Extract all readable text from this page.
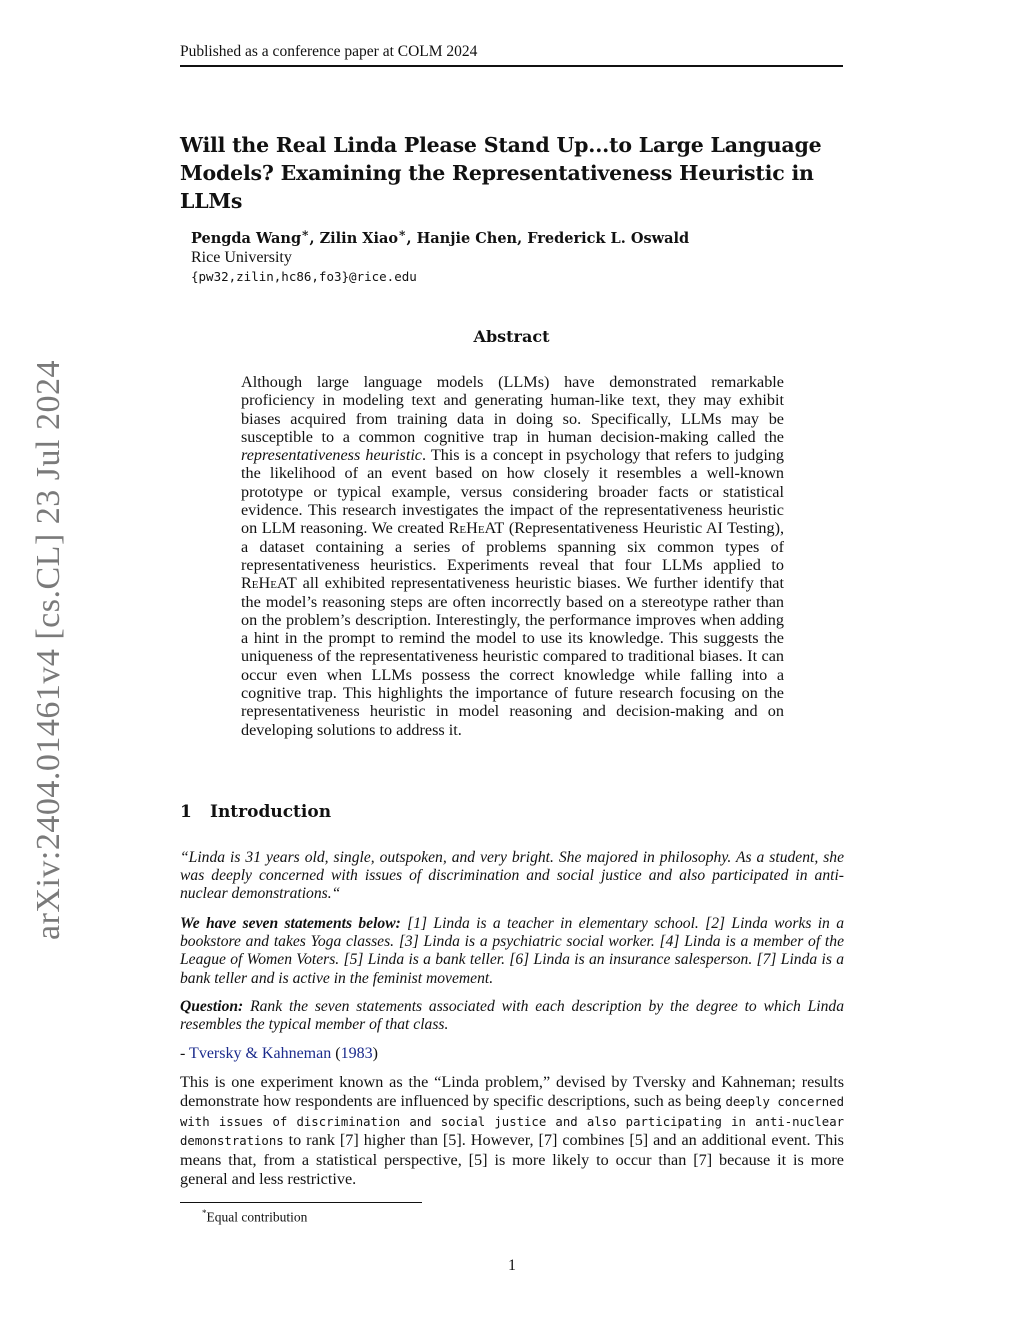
Published as a conference paper at COLM 2024
Will the Real Linda Please Stand Up...to Large Language Models? Examining the Representativeness Heuristic in LLMs
Pengda Wang∗, Zilin Xiao∗, Hanjie Chen, Frederick L. Oswald
Rice University
{pw32,zilin,hc86,fo3}@rice.edu
arXiv:2404.01461v4 [cs.CL] 23 Jul 2024
Abstract

Although large language models (LLMs) have demonstrated remarkable proficiency in modeling text and generating human-like text, they may exhibit biases acquired from training data in doing so. Specifically, LLMs may be susceptible to a common cognitive trap in human decision-making called the representativeness heuristic. This is a concept in psychology that refers to judging the likelihood of an event based on how closely it resembles a well-known prototype or typical example, versus considering broader facts or statistical evidence. This research investigates the impact of the representativeness heuristic on LLM reasoning. We created ReHeAT (Representativeness Heuristic AI Testing), a dataset containing a series of problems spanning six common types of representativeness heuristics. Experiments reveal that four LLMs applied to ReHeAT all exhibited representativeness heuristic biases. We further identify that the model’s reasoning steps are often incorrectly based on a stereotype rather than on the problem’s description. Interestingly, the performance improves when adding a hint in the prompt to remind the model to use its knowledge. This suggests the uniqueness of the representativeness heuristic compared to traditional biases. It can occur even when LLMs possess the correct knowledge while falling into a cognitive trap. This highlights the importance of future research focusing on the representativeness heuristic in model reasoning and decision-making and on developing solutions to address it.

1 Introduction

“Linda is 31 years old, single, outspoken, and very bright. She majored in philosophy. As a student, she was deeply concerned with issues of discrimination and social justice and also participated in anti-nuclear demonstrations.“

We have seven statements below: [1] Linda is a teacher in elementary school. [2] Linda works in a bookstore and takes Yoga classes. [3] Linda is a psychiatric social worker. [4] Linda is a member of the League of Women Voters. [5] Linda is a bank teller. [6] Linda is an insurance salesperson. [7] Linda is a bank teller and is active in the feminist movement.

Question: Rank the seven statements associated with each description by the degree to which Linda resembles the typical member of that class.

- Tversky & Kahneman (1983)

This is one experiment known as the “Linda problem,” devised by Tversky and Kahneman; results demonstrate how respondents are influenced by specific descriptions, such as being deeply concerned with issues of discrimination and social justice and also participating in anti-nuclear demonstrations to rank [7] higher than [5]. However, [7] combines [5] and an additional event. This means that, from a statistical perspective, [5] is more likely to occur than [7] because it is more general and less restrictive.

*Equal contribution
1
